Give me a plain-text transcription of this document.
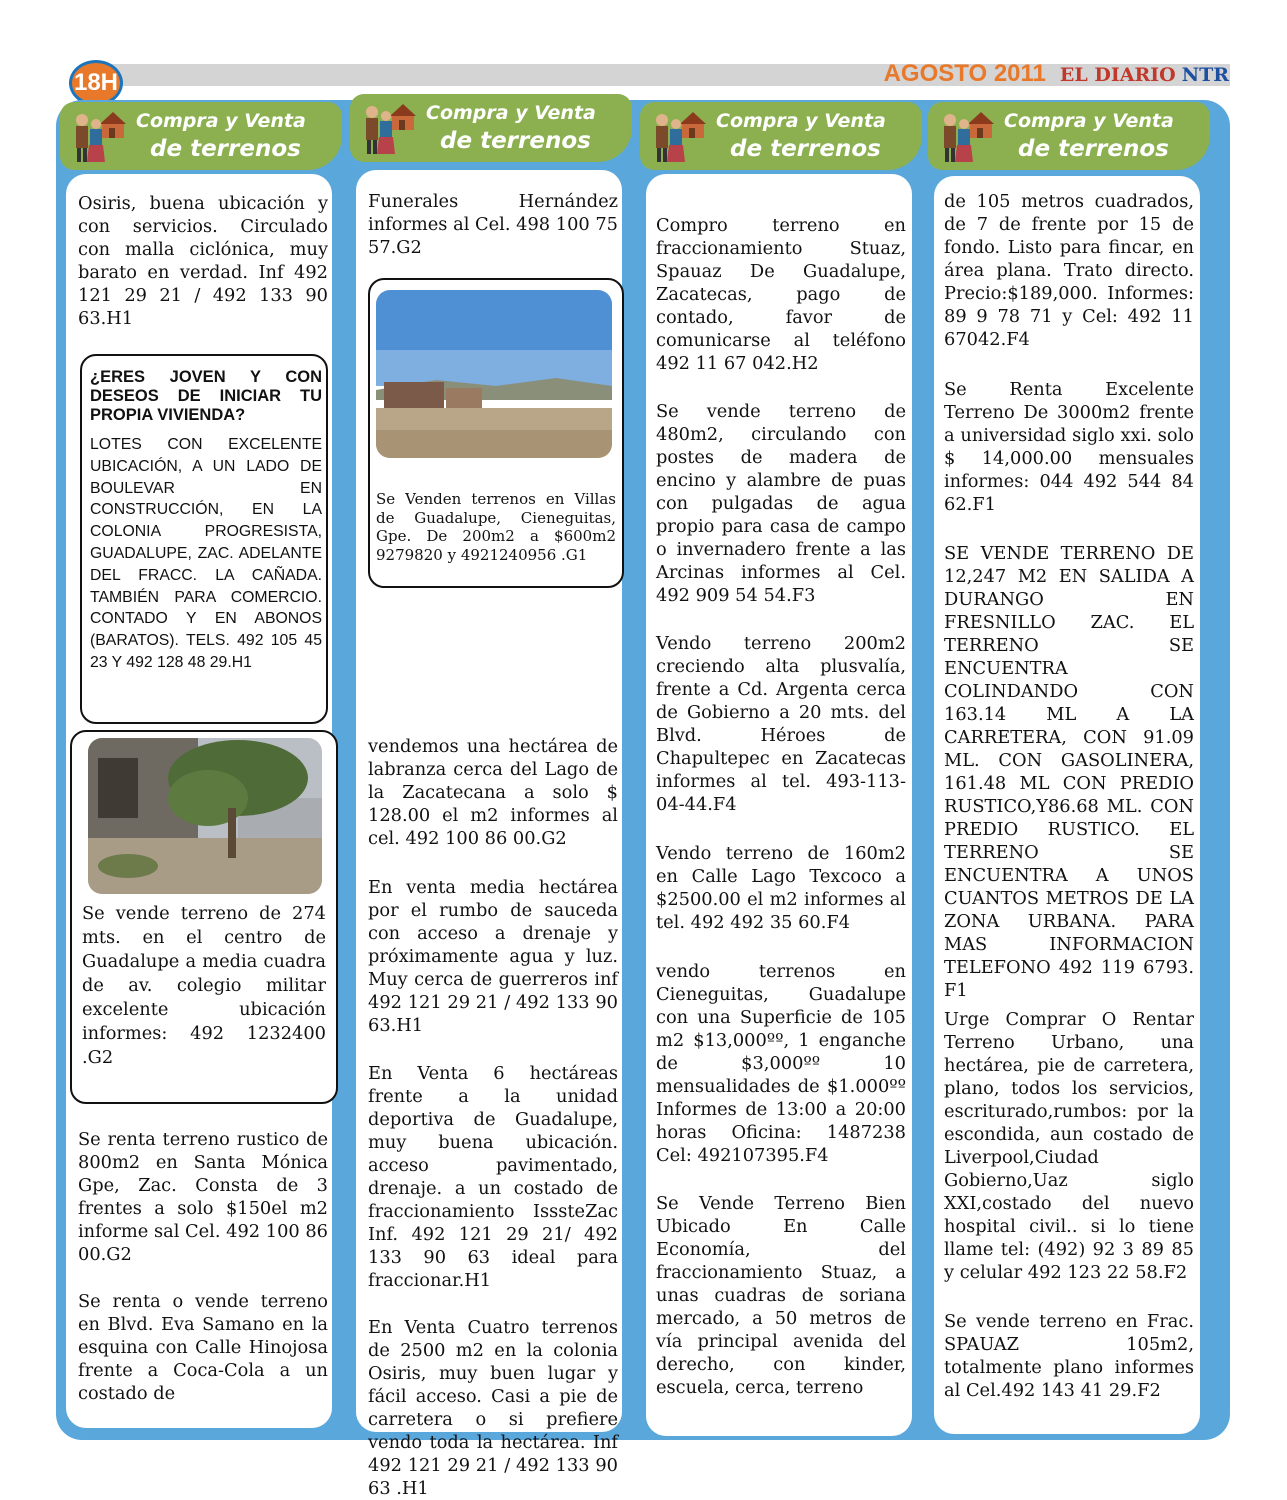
18H	AGOSTO 2011 EL DIARIO NTR
Compra y Venta
de terrenos

Osiris, buena ubicación y con servicios. Circulado con malla ciclónica, muy barato en verdad. Inf 492 121 29 21 / 492 133 90 63.H1

¿ERES JOVEN Y CON DESEOS DE INICIAR TU PROPIA VIVIENDA?

LOTES CON EXCELENTE UBICACIÓN, A UN LADO DE BOULEVAR EN CONSTRUCCIÓN, EN LA COLONIA PROGRESISTA, GUADALUPE, ZAC. ADELANTE DEL FRACC. LA CAÑADA. TAMBIÉN PARA COMERCIO. CONTADO Y EN ABONOS (BARATOS). TELS. 492 105 45 23 Y 492 128 48 29.H1

Se vende terreno de 274 mts. en el centro de Guadalupe a media cuadra de av. colegio militar excelente ubicación informes: 492 1232400 .G2

Se renta terreno rustico de 800m2 en Santa Mónica Gpe, Zac. Consta de 3 frentes a solo $150el m2 informe sal Cel. 492 100 86 00.G2

Se renta o vende terreno en Blvd. Eva Samano en la esquina con Calle Hinojosa frente a Coca-Cola a un costado de

Compra y Venta
de terrenos

Funerales Hernández informes al Cel. 498 100 75 57.G2

Se Venden terrenos en Villas de Guadalupe, Cieneguitas, Gpe. De 200m2 a $600m2 9279820 y 4921240956 .G1

vendemos una hectárea de labranza cerca del Lago de la Zacatecana a solo $ 128.00 el m2 informes al cel. 492 100 86 00.G2

En venta media hectárea por el rumbo de sauceda con acceso a drenaje y próximamente agua y luz. Muy cerca de guerreros inf 492 121 29 21 / 492 133 90 63.H1

En Venta 6 hectáreas frente a la unidad deportiva de Guadalupe, muy buena ubicación. acceso pavimentado, drenaje. a un costado de fraccionamiento IsssteZac Inf. 492 121 29 21/ 492 133 90 63 ideal para fraccionar.H1

En Venta Cuatro terrenos de 2500 m2 en la colonia Osiris, muy buen lugar y fácil acceso. Casi a pie de carretera o si prefiere vendo toda la hectárea. Inf 492 121 29 21 / 492 133 90 63 .H1

Compra y Venta
de terrenos

Compro terreno en fraccionamiento Stuaz, Spauaz De Guadalupe, Zacatecas, pago de contado, favor de comunicarse al teléfono 492 11 67 042.H2

Se vende terreno de 480m2, circulando con postes de madera de encino y alambre de puas con pulgadas de agua propio para casa de campo o invernadero frente a las Arcinas informes al Cel. 492 909 54 54.F3

Vendo terreno 200m2 creciendo alta plusvalía, frente a Cd. Argenta cerca de Gobierno a 20 mts. del Blvd. Héroes de Chapultepec en Zacatecas informes al tel. 493-113-04-44.F4

Vendo terreno de 160m2 en Calle Lago Texcoco a $2500.00 el m2 informes al tel. 492 492 35 60.F4

vendo terrenos en Cieneguitas, Guadalupe con una Superficie de 105 m2 $13,000ºº, 1 enganche de $3,000ºº 10 mensualidades de $1.000ºº Informes de 13:00 a 20:00 horas Oficina: 1487238 Cel: 492107395.F4

Se Vende Terreno Bien Ubicado En Calle Economía, del fraccionamiento Stuaz, a unas cuadras de soriana mercado, a 50 metros de vía principal avenida del derecho, con kinder, escuela, cerca, terreno

Compra y Venta
de terrenos

de 105 metros cuadrados, de 7 de frente por 15 de fondo. Listo para fincar, en área plana. Trato directo. Precio:$189,000. Informes: 89 9 78 71 y Cel: 492 11 67042.F4

Se Renta Excelente Terreno De 3000m2 frente a universidad siglo xxi. solo $ 14,000.00 mensuales informes: 044 492 544 84 62.F1

SE VENDE TERRENO DE 12,247 M2 EN SALIDA A DURANGO EN FRESNILLO ZAC. EL TERRENO SE ENCUENTRA COLINDANDO CON 163.14 ML A LA CARRETERA, CON 91.09 ML. CON GASOLINERA, 161.48 ML CON PREDIO RUSTICO,Y86.68 ML. CON PREDIO RUSTICO. EL TERRENO SE ENCUENTRA A UNOS CUANTOS METROS DE LA ZONA URBANA. PARA MAS INFORMACION TELEFONO 492 119 6793. F1

Urge Comprar O Rentar Terreno Urbano, una hectárea, pie de carretera, plano, todos los servicios, escriturado,rumbos: por la escondida, aun costado de Liverpool,Ciudad Gobierno,Uaz siglo XXI,costado del nuevo hospital civil.. si lo tiene llame tel: (492) 92 3 89 85 y celular 492 123 22 58.F2

Se vende terreno en Frac. SPAUAZ 105m2, totalmente plano informes al Cel.492 143 41 29.F2
